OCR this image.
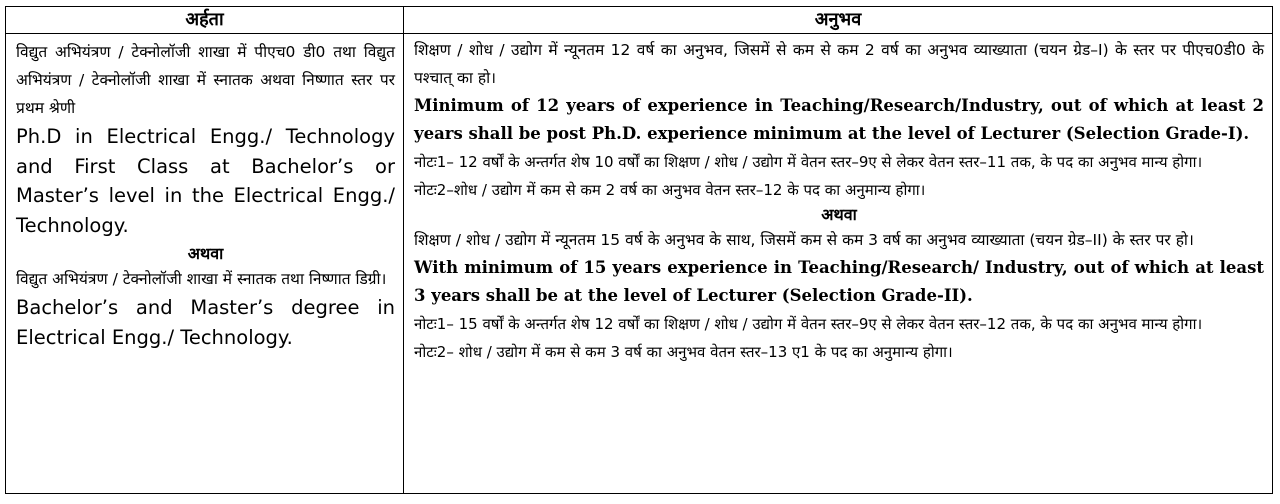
अर्हता
विद्युत अभियंत्रण / टेक्नोलॉजी शाखा में पीएच0 डी0 तथा विद्युत अभियंत्रण / टेक्नोलॉजी शाखा में स्नातक अथवा निष्णात स्तर पर प्रथम श्रेणी
Ph.D in Electrical Engg./ Technology and First Class at Bachelor’s or Master’s level in the Electrical Engg./ Technology.
अथवा
विद्युत अभियंत्रण / टेक्नोलॉजी शाखा में स्नातक तथा निष्णात डिग्री।
Bachelor’s and Master’s degree in Electrical Engg./ Technology.
अनुभव
शिक्षण / शोध / उद्योग में न्यूनतम 12 वर्ष का अनुभव, जिसमें से कम से कम 2 वर्ष का अनुभव व्याख्याता (चयन ग्रेड–I) के स्तर पर पीएच0डी0 के पश्चात् का हो।
Minimum of 12 years of experience in Teaching/Research/Industry, out of which at least 2 years shall be post Ph.D. experience minimum at the level of Lecturer (Selection Grade-I).
नोटः1– 12 वर्षों के अन्तर्गत शेष 10 वर्षों का शिक्षण / शोध / उद्योग में वेतन स्तर–9ए से लेकर वेतन स्तर–11 तक, के पद का अनुभव मान्य होगा।
नोटः2–शोध / उद्योग में कम से कम 2 वर्ष का अनुभव वेतन स्तर–12 के पद का अनुमान्य होगा।
अथवा
शिक्षण / शोध / उद्योग में न्यूनतम 15 वर्ष के अनुभव के साथ, जिसमें कम से कम 3 वर्ष का अनुभव व्याख्याता (चयन ग्रेड–II) के स्तर पर हो।
With minimum of 15 years experience in Teaching/Research/ Industry, out of which at least 3 years shall be at the level of Lecturer (Selection Grade-II).
नोटः1– 15 वर्षों के अन्तर्गत शेष 12 वर्षों का शिक्षण / शोध / उद्योग में वेतन स्तर–9ए से लेकर वेतन स्तर–12 तक, के पद का अनुभव मान्य होगा।
नोटः2– शोध / उद्योग में कम से कम 3 वर्ष का अनुभव वेतन स्तर–13 ए1 के पद का अनुमान्य होगा।
